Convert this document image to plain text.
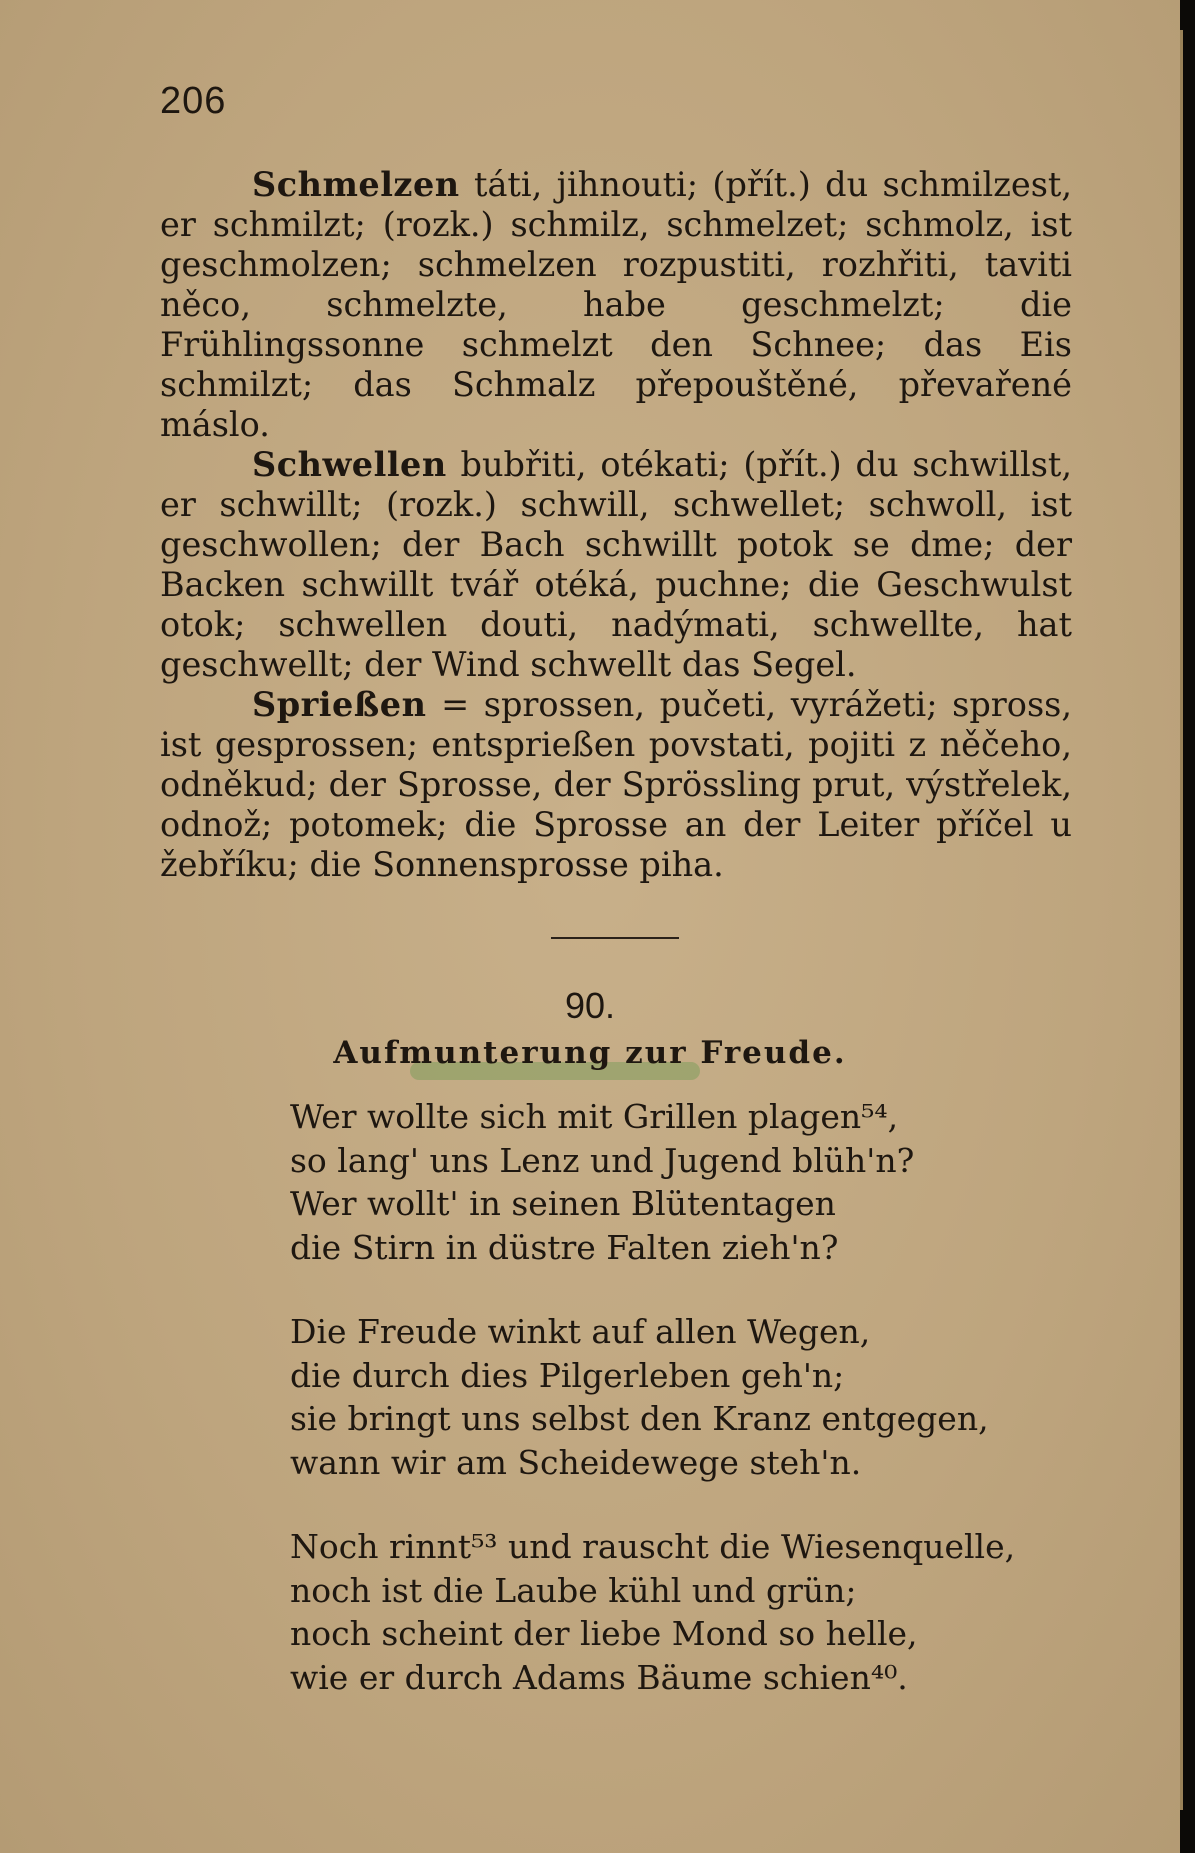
206

Schmelzen táti, jihnouti; (přít.) du schmilzest, er schmilzt; (rozk.) schmilz, schmelzet; schmolz, ist geschmolzen; schmelzen rozpustiti, rozhřiti, taviti něco, schmelzte, habe geschmelzt; die Frühlingssonne schmelzt den Schnee; das Eis schmilzt; das Schmalz přepouštěné, převařené máslo.

Schwellen bubřiti, otékati; (přít.) du schwillst, er schwillt; (rozk.) schwill, schwellet; schwoll, ist geschwollen; der Bach schwillt potok se dme; der Backen schwillt tvář otéká, puchne; die Geschwulst otok; schwellen douti, nadýmati, schwellte, hat geschwellt; der Wind schwellt das Segel.

Sprießen = sprossen, pučeti, vyrážeti; spross, ist gesprossen; entsprießen povstati, pojiti z něčeho, odněkud; der Sprosse, der Sprössling prut, výstřelek, odnož; potomek; die Sprosse an der Leiter příčel u žebříku; die Sonnensprosse piha.

90.
Aufmunterung zur Freude.
Wer wollte sich mit Grillen plagen⁵⁴,
so lang' uns Lenz und Jugend blüh'n?
Wer wollt' in seinen Blütentagen
die Stirn in düstre Falten zieh'n?
Die Freude winkt auf allen Wegen,
die durch dies Pilgerleben geh'n;
sie bringt uns selbst den Kranz entgegen,
wann wir am Scheidewege steh'n.
Noch rinnt⁵³ und rauscht die Wiesenquelle,
noch ist die Laube kühl und grün;
noch scheint der liebe Mond so helle,
wie er durch Adams Bäume schien⁴⁰.
